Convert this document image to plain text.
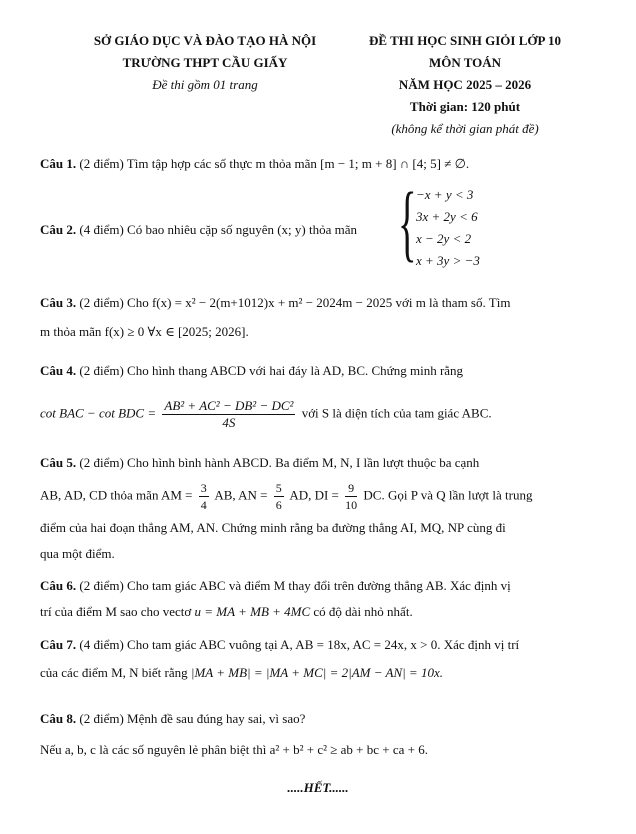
SỞ GIÁO DỤC VÀ ĐÀO TẠO HÀ NỘI
TRƯỜNG THPT CẦU GIẤY
Đề thi gồm 01 trang
ĐỀ THI HỌC SINH GIỎI LỚP 10
MÔN TOÁN
NĂM HỌC 2025 – 2026
Thời gian: 120 phút
(không kể thời gian phát đề)
Câu 1. (2 điểm) Tìm tập hợp các số thực m thỏa mãn [m − 1; m + 8] ∩ [4; 5] ≠ ∅.
Câu 2. (4 điểm) Có bao nhiêu cặp số nguyên (x; y) thỏa mãn { −x + y < 3
3x + 2y < 6
x − 2y < 2
x + 3y > −3
Câu 3. (2 điểm) Cho f(x) = x² − 2(m+1012)x + m² − 2024m − 2025 với m là tham số. Tìm
m thỏa mãn f(x) ≥ 0 ∀x ∈ [2025; 2026].
Câu 4. (2 điểm) Cho hình thang ABCD với hai đáy là AD, BC. Chứng minh rằng
cot BAC − cot BDC = $\frac{\text{AB² + AC² − DB² − DC²}}{4S}$ với S là diện tích của tam giác ABC.
Câu 5. (2 điểm) Cho hình bình hành ABCD. Ba điểm M, N, I lần lượt thuộc ba cạnh
AB, AD, CD thỏa mãn AM = $\frac{3}{4}$ AB, AN = $\frac{5}{6}$ AD, DI = $\frac{9}{10}$ DC. Gọi P và Q lần lượt là trung
điểm của hai đoạn thẳng AM, AN. Chứng minh rằng ba đường thẳng AI, MQ, NP cùng đi
qua một điểm.
Câu 6. (2 điểm) Cho tam giác ABC và điểm M thay đổi trên đường thẳng AB. Xác định vị
trí của điểm M sao cho vectơ u = MA + MB + 4MC có độ dài nhỏ nhất.
Câu 7. (4 điểm) Cho tam giác ABC vuông tại A, AB = 18x, AC = 24x, x > 0. Xác định vị trí
của các điểm M, N biết rằng |MA + MB| = |MA + MC| = 2|AM − AN| = 10x.
Câu 8. (2 điểm) Mệnh đề sau đúng hay sai, vì sao?
Nếu a, b, c là các số nguyên lẻ phân biệt thì a² + b² + c² ≥ ab + bc + ca + 6.
.....HẾT......
